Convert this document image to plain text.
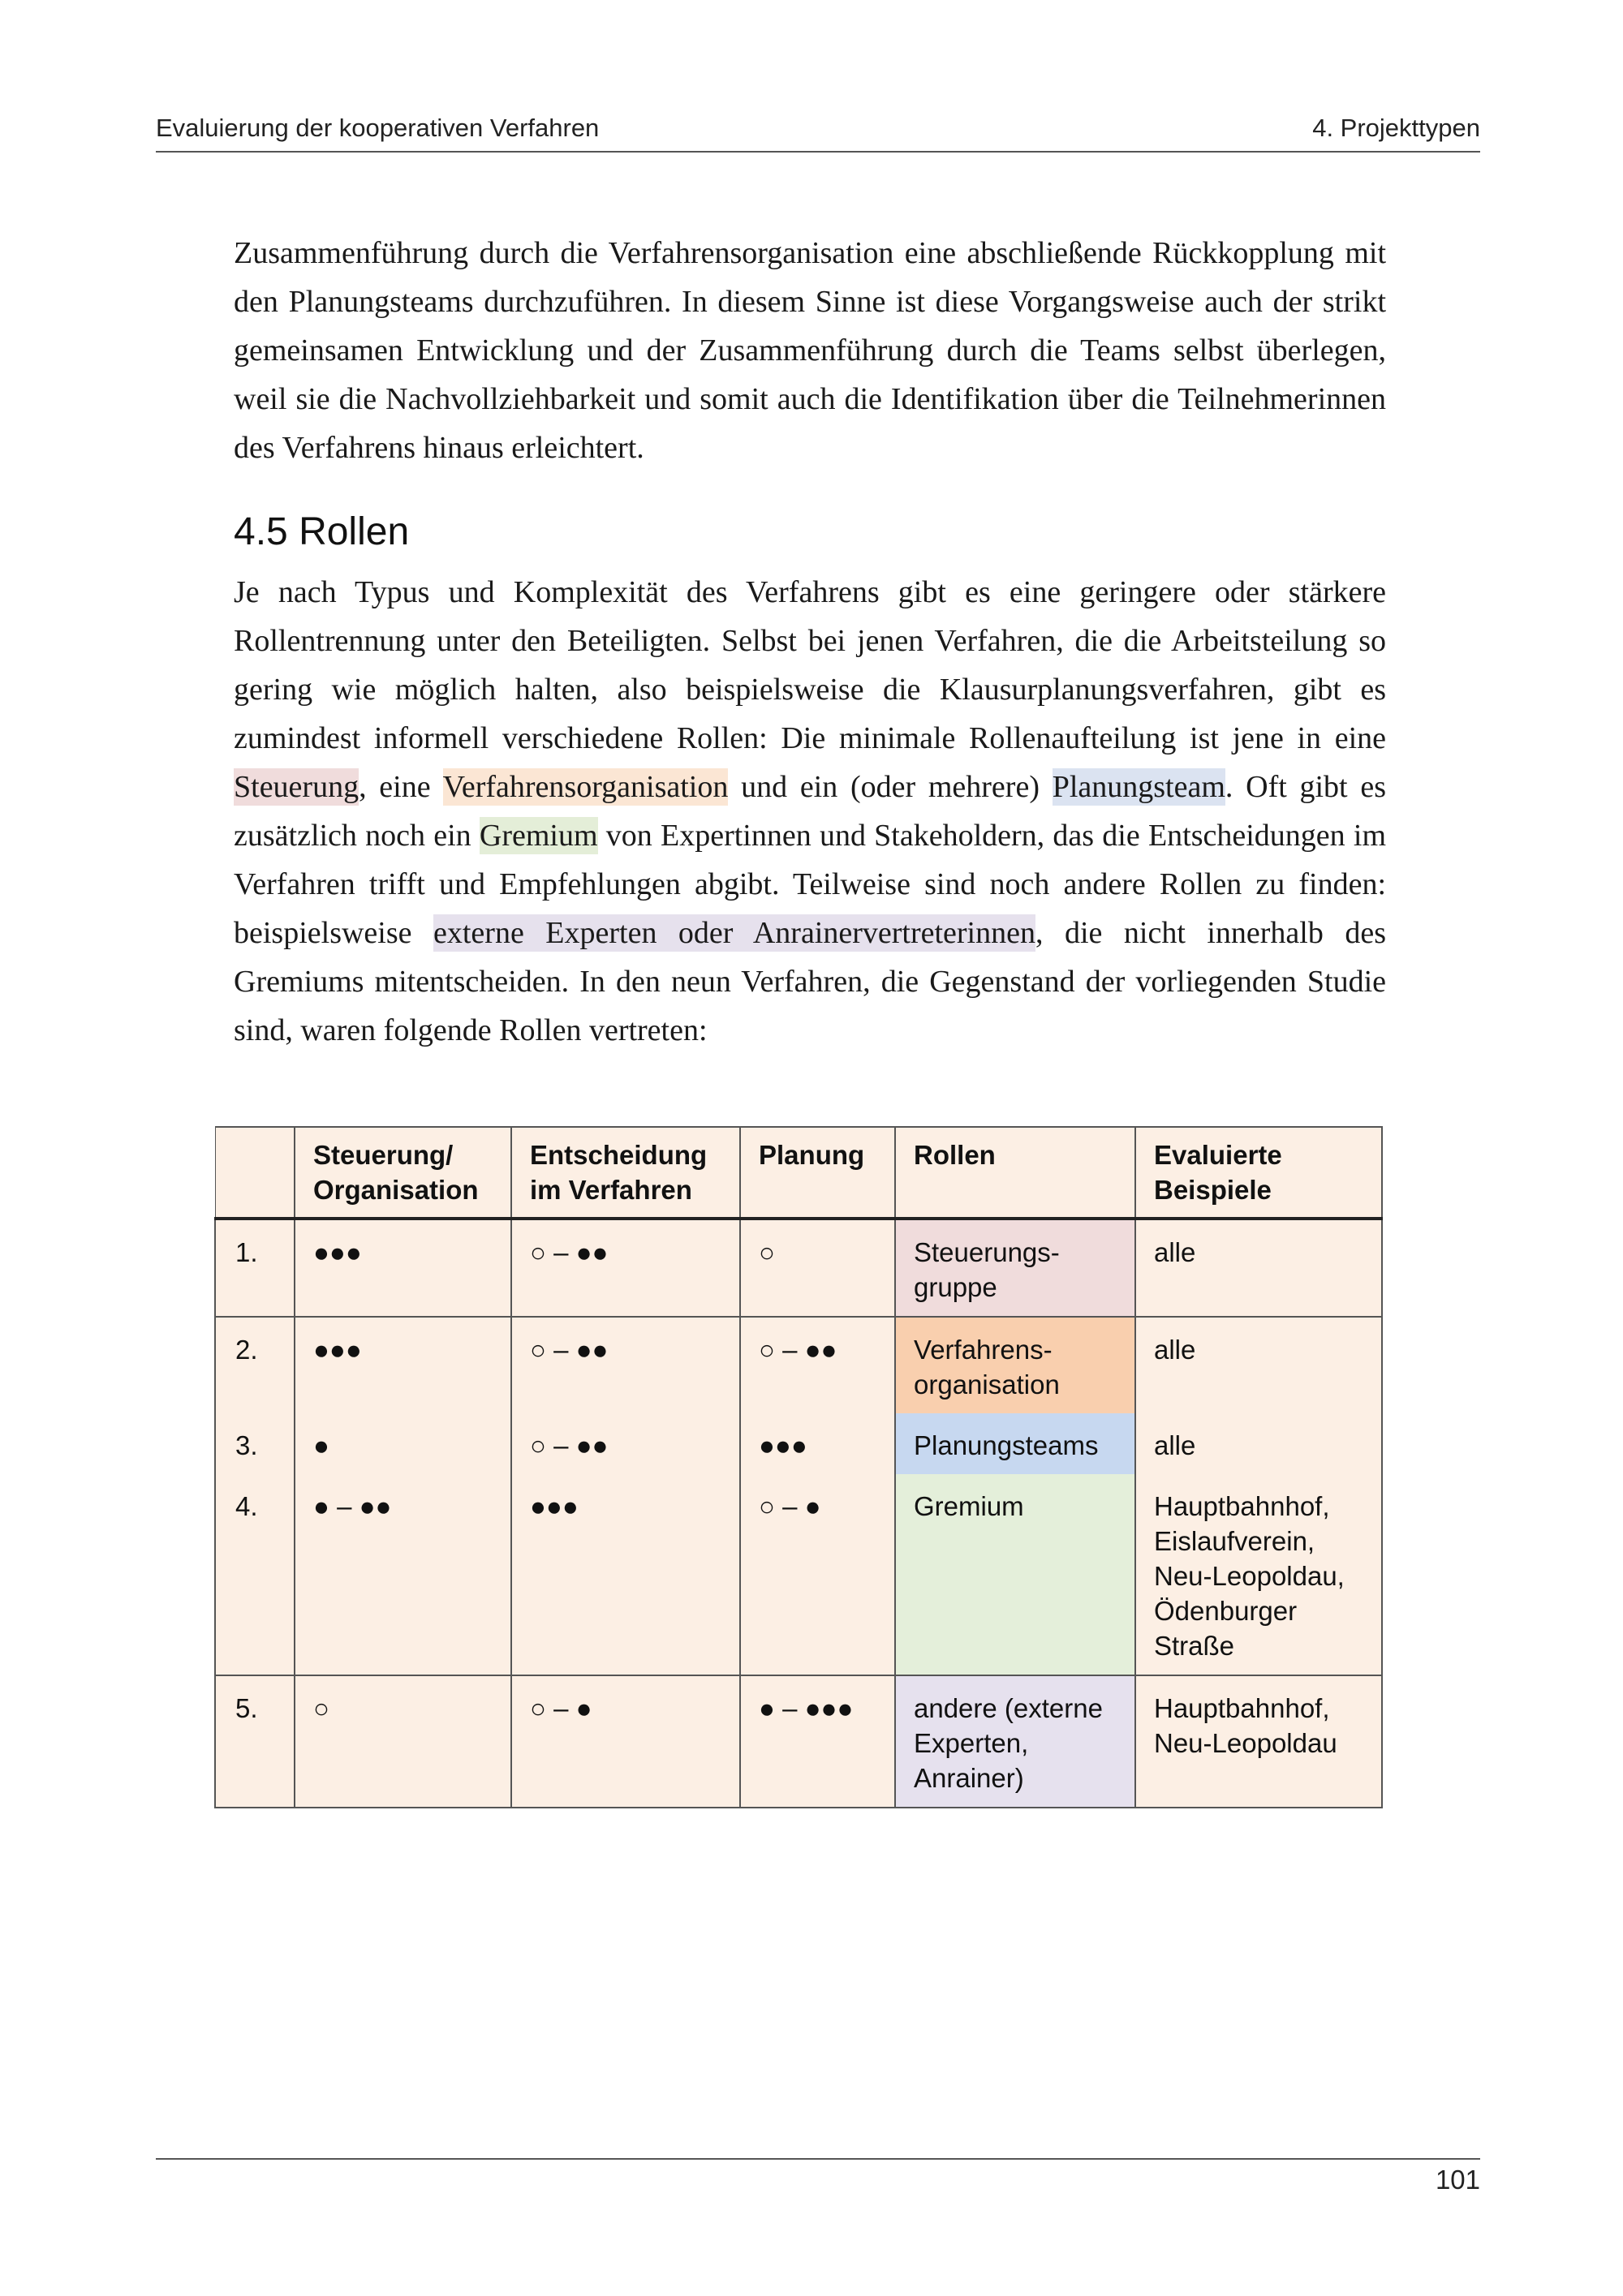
Evaluierung der kooperativen Verfahren	4. Projekttypen

Zusammenführung durch die Verfahrensorganisation eine abschließende Rückkopplung mit den Planungsteams durchzuführen. In diesem Sinne ist diese Vorgangsweise auch der strikt gemeinsamen Entwicklung und der Zusammenführung durch die Teams selbst überlegen, weil sie die Nachvollziehbarkeit und somit auch die Identifikation über die Teilnehmerinnen des Verfahrens hinaus erleichtert.

4.5 Rollen

Je nach Typus und Komplexität des Verfahrens gibt es eine geringere oder stärkere Rollentrennung unter den Beteiligten. Selbst bei jenen Verfahren, die die Arbeitsteilung so gering wie möglich halten, also beispielsweise die Klausurplanungsverfahren, gibt es zumindest informell verschiedene Rollen: Die minimale Rollenaufteilung ist jene in eine Steuerung, eine Verfahrensorganisation und ein (oder mehrere) Planungsteam. Oft gibt es zusätzlich noch ein Gremium von Expertinnen und Stakeholdern, das die Entscheidungen im Verfahren trifft und Empfehlungen abgibt. Teilweise sind noch andere Rollen zu finden: beispielsweise externe Experten oder Anrainervertreterinnen, die nicht innerhalb des Gremiums mitentscheiden. In den neun Verfahren, die Gegenstand der vorliegenden Studie sind, waren folgende Rollen vertreten:

	Steuerung/ Organisation	Entscheidung im Verfahren	Planung	Rollen	Evaluierte Beispiele
1.	●●●	○ – ●●	○	Steuerungsgruppe	alle
2.	●●●	○ – ●●	○ – ●●	Verfahrensorganisation	alle
3.	●	○ – ●●	●●●	Planungsteams	alle
4.	● – ●●	●●●	○ – ●	Gremium	Hauptbahnhof, Eislaufverein, Neu-Leopoldau, Ödenburger Straße
5.	○	○ – ●	● – ●●●	andere (externe Experten, Anrainer)	Hauptbahnhof, Neu-Leopoldau
101
